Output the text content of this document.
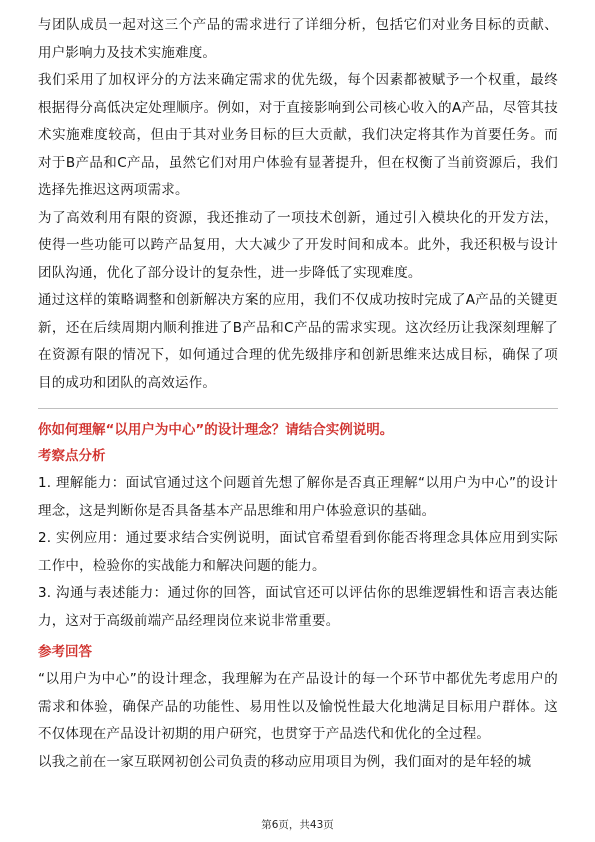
与团队成员一起对这三个产品的需求进行了详细分析，包括它们对业务目标的贡献、用户影响力及技术实施难度。

我们采用了加权评分的方法来确定需求的优先级，每个因素都被赋予一个权重，最终根据得分高低决定处理顺序。例如，对于直接影响到公司核心收入的A产品，尽管其技术实施难度较高，但由于其对业务目标的巨大贡献，我们决定将其作为首要任务。而对于B产品和C产品，虽然它们对用户体验有显著提升，但在权衡了当前资源后，我们选择先推迟这两项需求。

为了高效利用有限的资源，我还推动了一项技术创新，通过引入模块化的开发方法，使得一些功能可以跨产品复用，大大减少了开发时间和成本。此外，我还积极与设计团队沟通，优化了部分设计的复杂性，进一步降低了实现难度。

通过这样的策略调整和创新解决方案的应用，我们不仅成功按时完成了A产品的关键更新，还在后续周期内顺利推进了B产品和C产品的需求实现。这次经历让我深刻理解了在资源有限的情况下，如何通过合理的优先级排序和创新思维来达成目标，确保了项目的成功和团队的高效运作。

你如何理解“以用户为中心”的设计理念？请结合实例说明。

考察点分析

1. 理解能力：面试官通过这个问题首先想了解你是否真正理解“以用户为中心”的设计理念，这是判断你是否具备基本产品思维和用户体验意识的基础。

2. 实例应用：通过要求结合实例说明，面试官希望看到你能否将理念具体应用到实际工作中，检验你的实战能力和解决问题的能力。

3. 沟通与表述能力：通过你的回答，面试官还可以评估你的思维逻辑性和语言表达能力，这对于高级前端产品经理岗位来说非常重要。

参考回答

“以用户为中心”的设计理念，我理解为在产品设计的每一个环节中都优先考虑用户的需求和体验，确保产品的功能性、易用性以及愉悦性最大化地满足目标用户群体。这不仅体现在产品设计初期的用户研究，也贯穿于产品迭代和优化的全过程。

以我之前在一家互联网初创公司负责的移动应用项目为例，我们面对的是年轻的城

第6页，共43页
